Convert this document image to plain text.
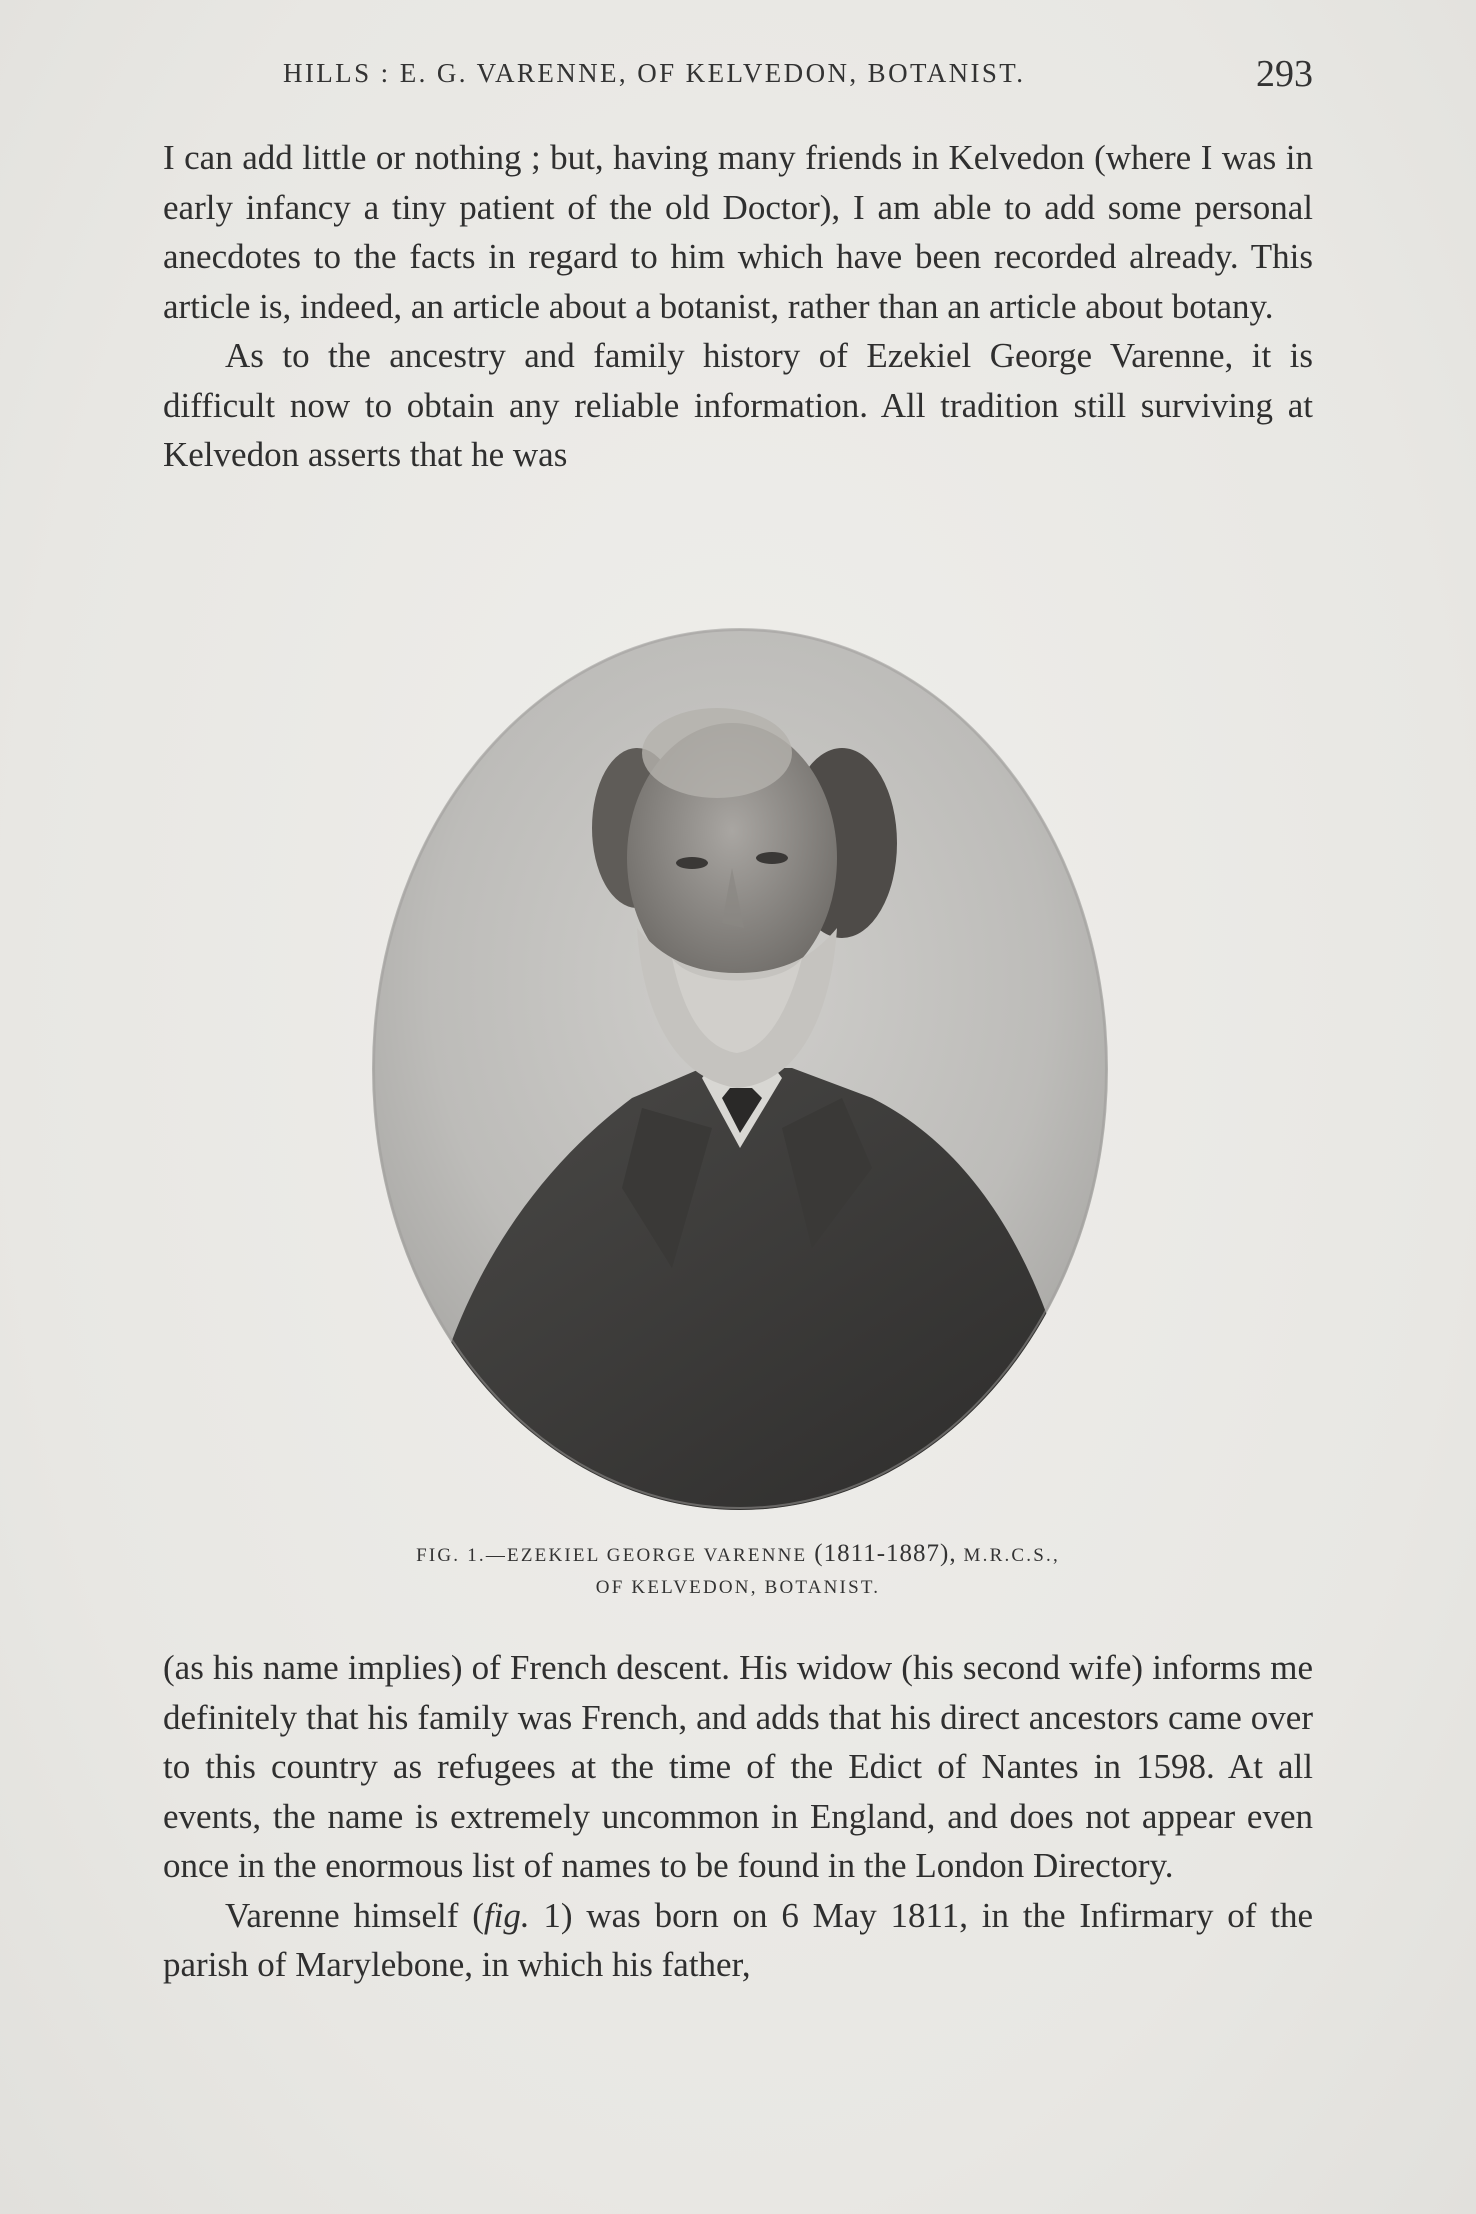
HILLS : E. G. VARENNE, OF KELVEDON, BOTANIST.	293

I can add little or nothing ; but, having many friends in Kelvedon (where I was in early infancy a tiny patient of the old Doctor), I am able to add some personal anecdotes to the facts in regard to him which have been recorded already. This article is, indeed, an article about a botanist, rather than an article about botany.

As to the ancestry and family history of Ezekiel George Varenne, it is difficult now to obtain any reliable information. All tradition still surviving at Kelvedon asserts that he was

FIG. 1.—EZEKIEL GEORGE VARENNE (1811-1887), M.R.C.S.,
OF KELVEDON, BOTANIST.

(as his name implies) of French descent. His widow (his second wife) informs me definitely that his family was French, and adds that his direct ancestors came over to this country as refugees at the time of the Edict of Nantes in 1598. At all events, the name is extremely uncommon in England, and does not appear even once in the enormous list of names to be found in the London Directory.

Varenne himself (fig. 1) was born on 6 May 1811, in the Infirmary of the parish of Marylebone, in which his father,
